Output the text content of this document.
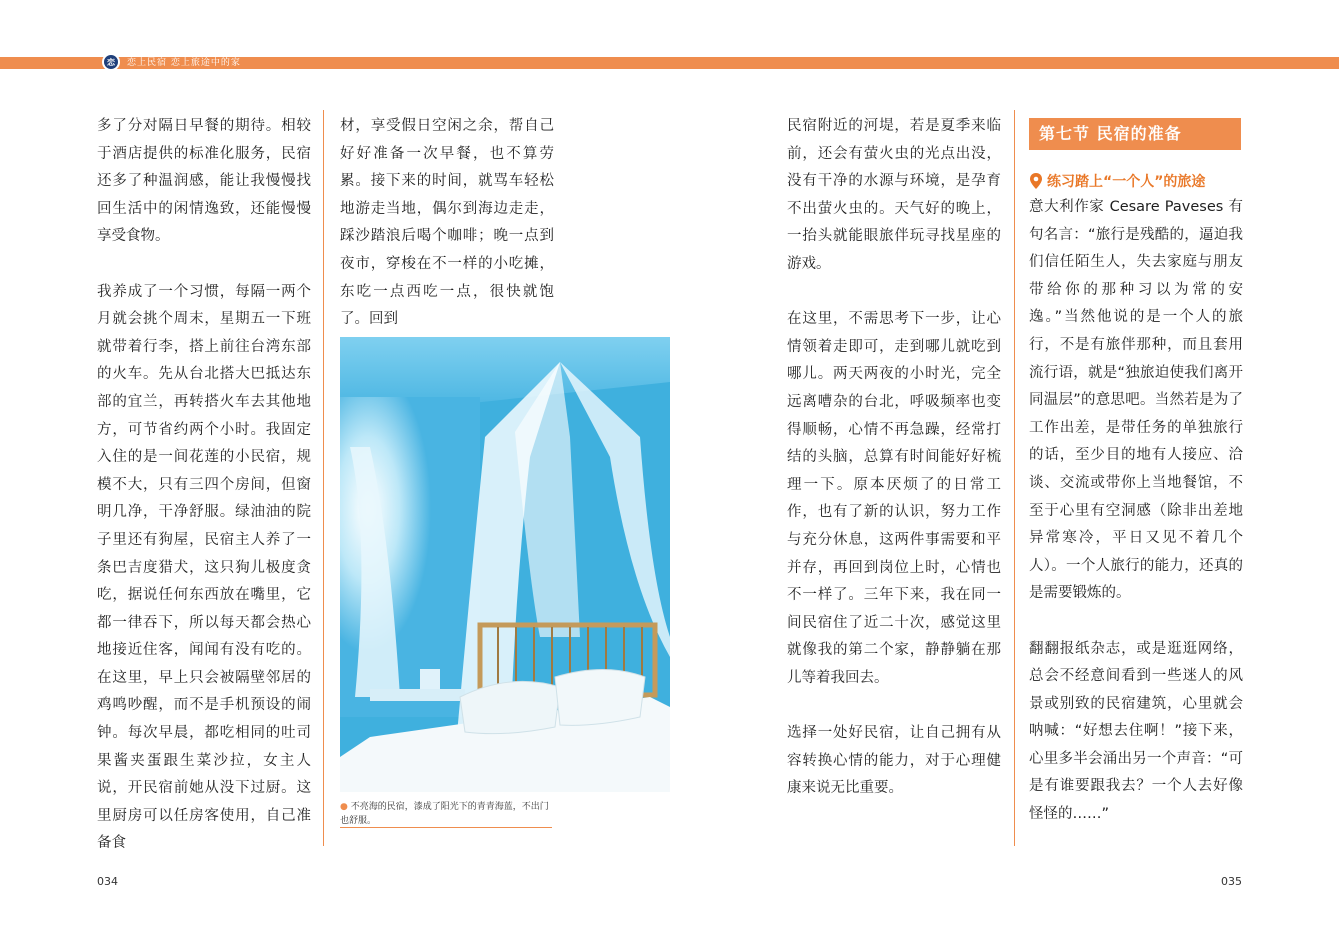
恋 恋上民宿 恋上旅途中的家

多了分对隔日早餐的期待。相较于酒店提供的标准化服务，民宿还多了种温润感，能让我慢慢找回生活中的闲情逸致，还能慢慢享受食物。

我养成了一个习惯，每隔一两个月就会挑个周末，星期五一下班就带着行李，搭上前往台湾东部的火车。先从台北搭大巴抵达东部的宜兰，再转搭火车去其他地方，可节省约两个小时。我固定入住的是一间花莲的小民宿，规模不大，只有三四个房间，但窗明几净，干净舒服。绿油油的院子里还有狗屋，民宿主人养了一条巴吉度猎犬，这只狗儿极度贪吃，据说任何东西放在嘴里，它都一律吞下，所以每天都会热心地接近住客，闻闻有没有吃的。在这里，早上只会被隔壁邻居的鸡鸣吵醒，而不是手机预设的闹钟。每次早晨，都吃相同的吐司果酱夹蛋跟生菜沙拉，女主人说，开民宿前她从没下过厨。这里厨房可以任房客使用，自己准备食

材，享受假日空闲之余，帮自己好好准备一次早餐，也不算劳累。接下来的时间，就骂车轻松地游走当地，偶尔到海边走走，踩沙踏浪后喝个咖啡；晚一点到夜市，穿梭在不一样的小吃摊，东吃一点西吃一点，很快就饱了。回到

● 不亮海的民宿，漆成了阳光下的青青海蓝，不出门也舒服。

民宿附近的河堤，若是夏季来临前，还会有萤火虫的光点出没，没有干净的水源与环境，是孕育不出萤火虫的。天气好的晚上，一抬头就能眼旅伴玩寻找星座的游戏。

在这里，不需思考下一步，让心情领着走即可，走到哪儿就吃到哪儿。两天两夜的小时光，完全远离嘈杂的台北，呼吸频率也变得顺畅，心情不再急躁，经常打结的头脑，总算有时间能好好梳理一下。原本厌烦了的日常工作，也有了新的认识，努力工作与充分休息，这两件事需要和平并存，再回到岗位上时，心情也不一样了。三年下来，我在同一间民宿住了近二十次，感觉这里就像我的第二个家，静静躺在那儿等着我回去。

选择一处好民宿，让自己拥有从容转换心情的能力，对于心理健康来说无比重要。

第七节 民宿的准备
练习踏上“一个人”的旅途

意大利作家 Cesare Paveses 有句名言：“旅行是残酷的，逼迫我们信任陌生人，失去家庭与朋友带给你的那种习以为常的安逸。”当然他说的是一个人的旅行，不是有旅伴那种，而且套用流行语，就是“独旅迫使我们离开同温层”的意思吧。当然若是为了工作出差，是带任务的单独旅行的话，至少目的地有人接应、洽谈、交流或带你上当地餐馆，不至于心里有空洞感（除非出差地异常寒冷，平日又见不着几个人）。一个人旅行的能力，还真的是需要锻炼的。

翻翻报纸杂志，或是逛逛网络，总会不经意间看到一些迷人的风景或别致的民宿建筑，心里就会呐喊：“好想去住啊！”接下来，心里多半会涌出另一个声音：“可是有谁要跟我去？一个人去好像怪怪的……”

034	035
